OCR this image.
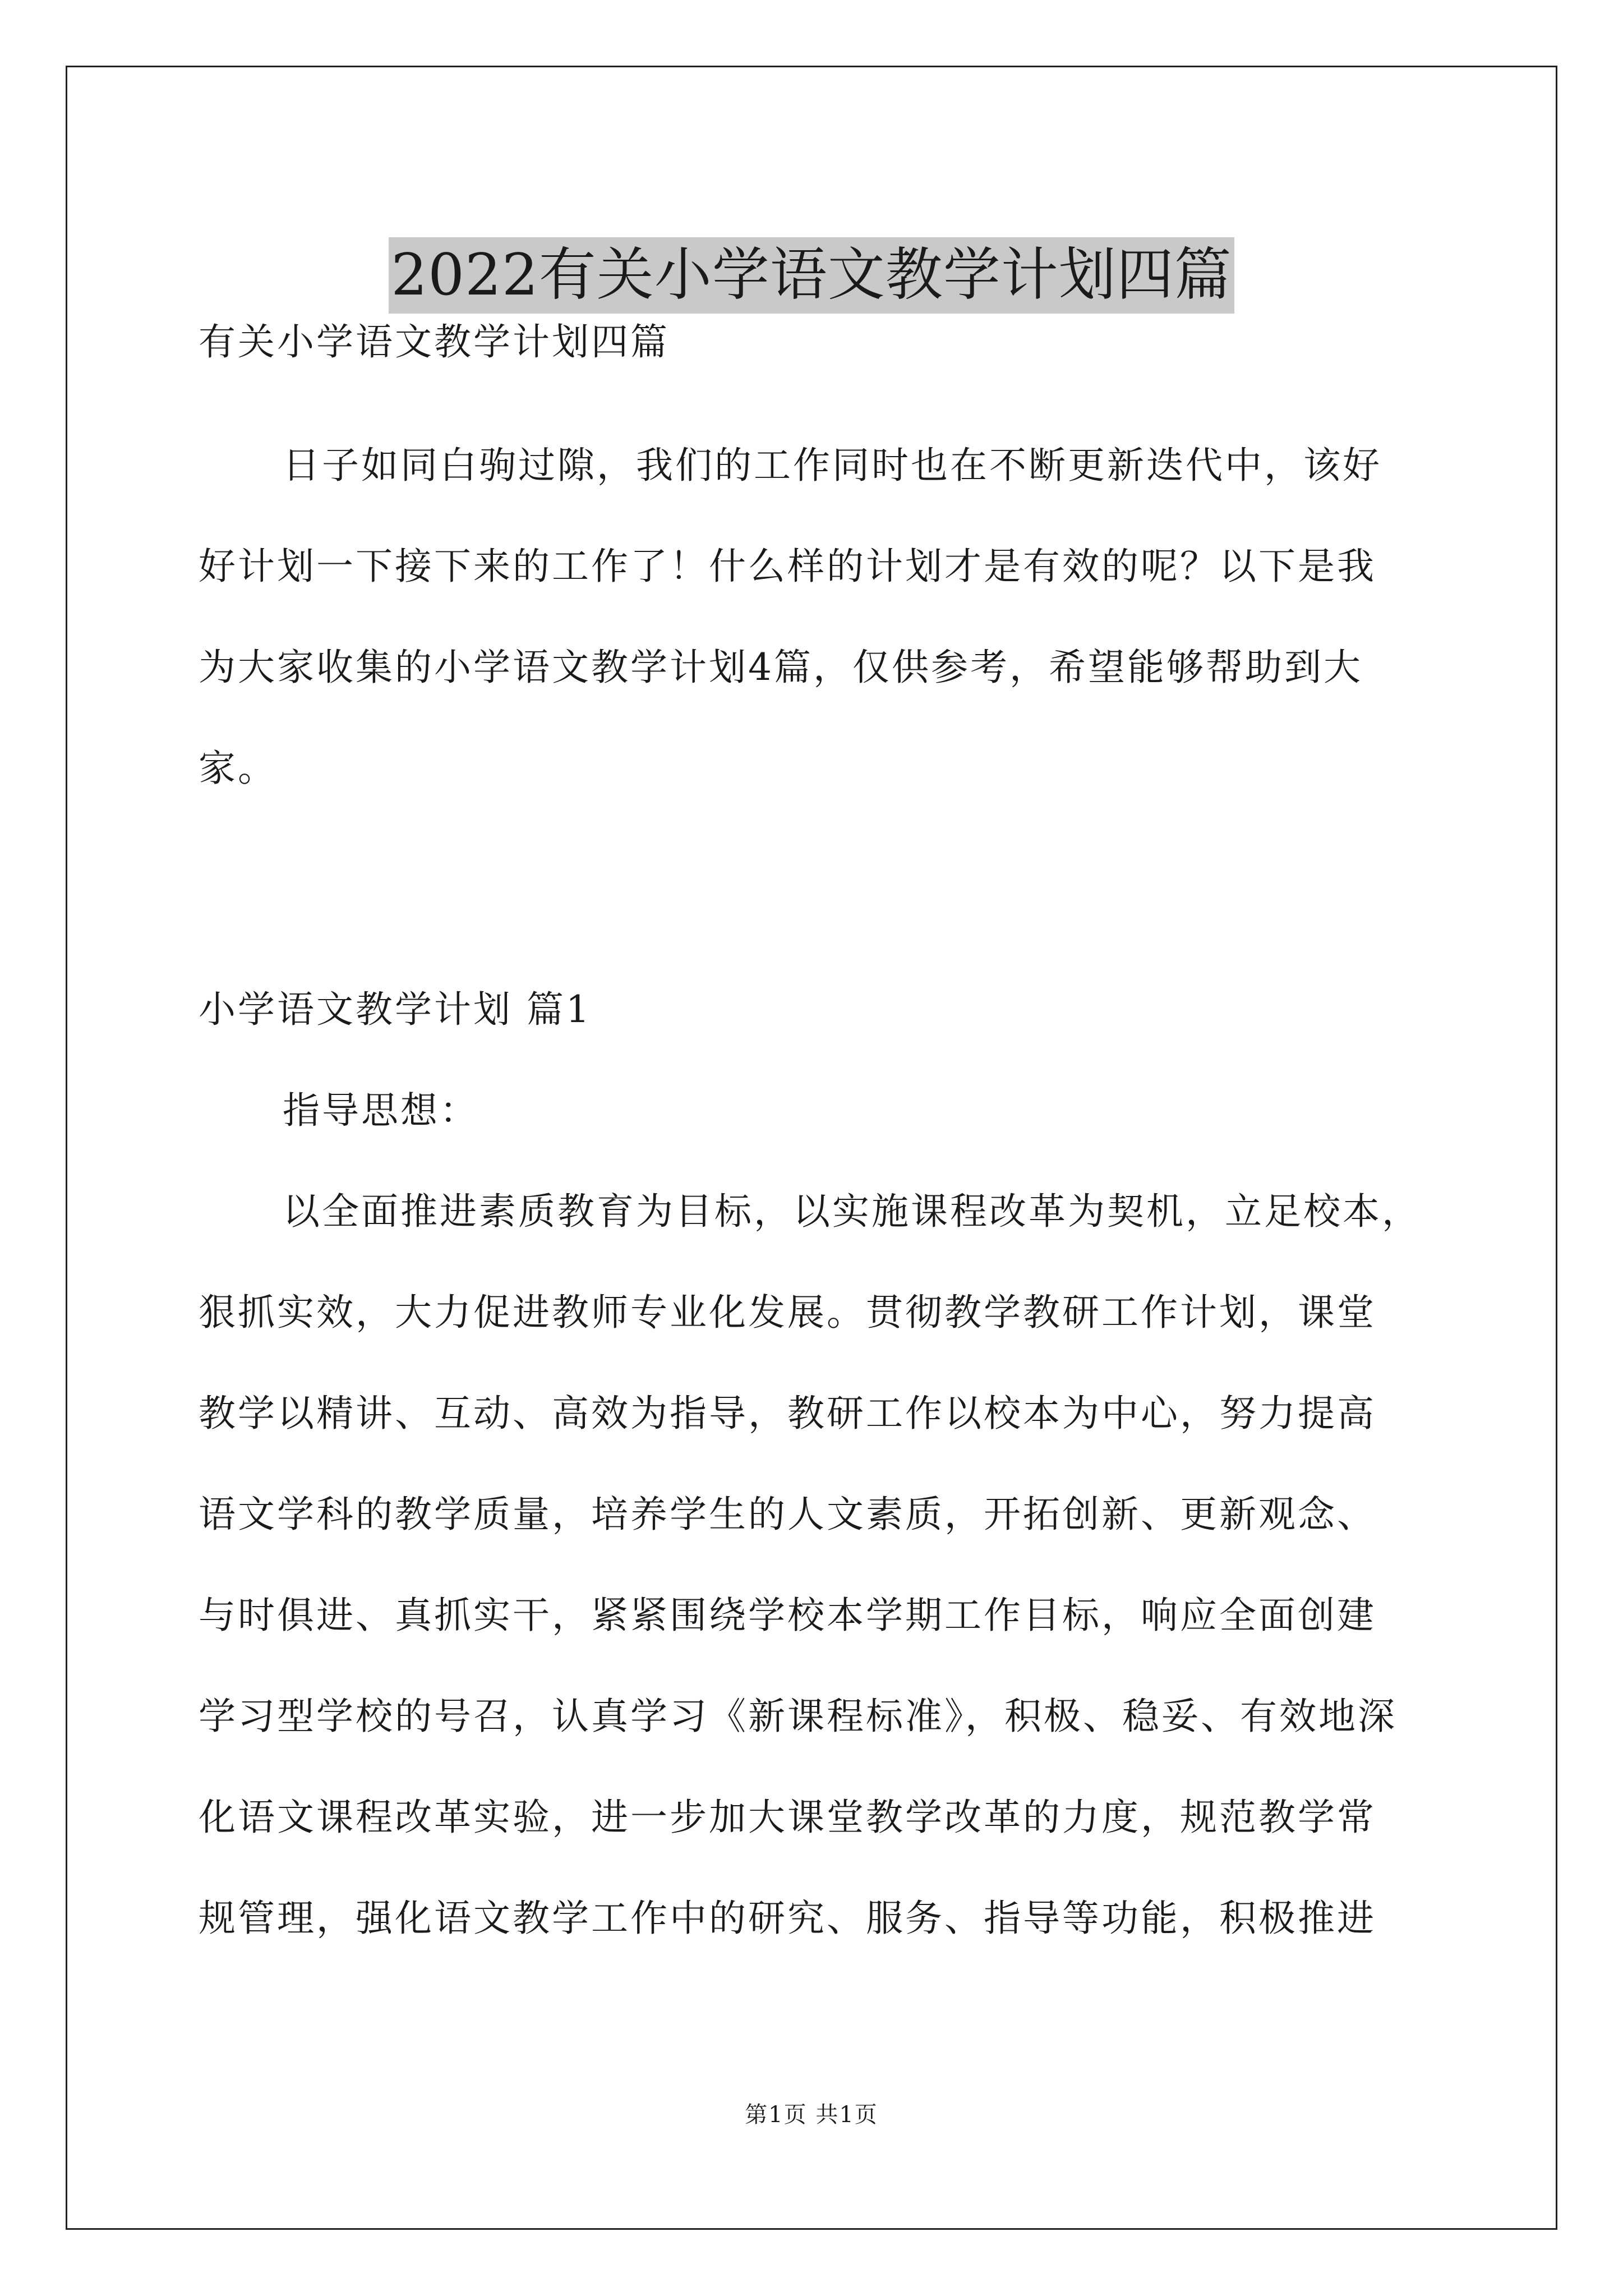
2022有关小学语文教学计划四篇
有关小学语文教学计划四篇
日子如同白驹过隙，我们的工作同时也在不断更新迭代中，该好
好计划一下接下来的工作了！什么样的计划才是有效的呢？以下是我
为大家收集的小学语文教学计划4篇，仅供参考，希望能够帮助到大
家。
小学语文教学计划 篇1
指导思想：
以全面推进素质教育为目标，以实施课程改革为契机，立足校本，
狠抓实效，大力促进教师专业化发展。贯彻教学教研工作计划，课堂
教学以精讲、互动、高效为指导，教研工作以校本为中心，努力提高
语文学科的教学质量，培养学生的人文素质，开拓创新、更新观念、
与时俱进、真抓实干，紧紧围绕学校本学期工作目标，响应全面创建
学习型学校的号召，认真学习《新课程标准》，积极、稳妥、有效地深
化语文课程改革实验，进一步加大课堂教学改革的力度，规范教学常
规管理，强化语文教学工作中的研究、服务、指导等功能，积极推进
第1页 共1页
